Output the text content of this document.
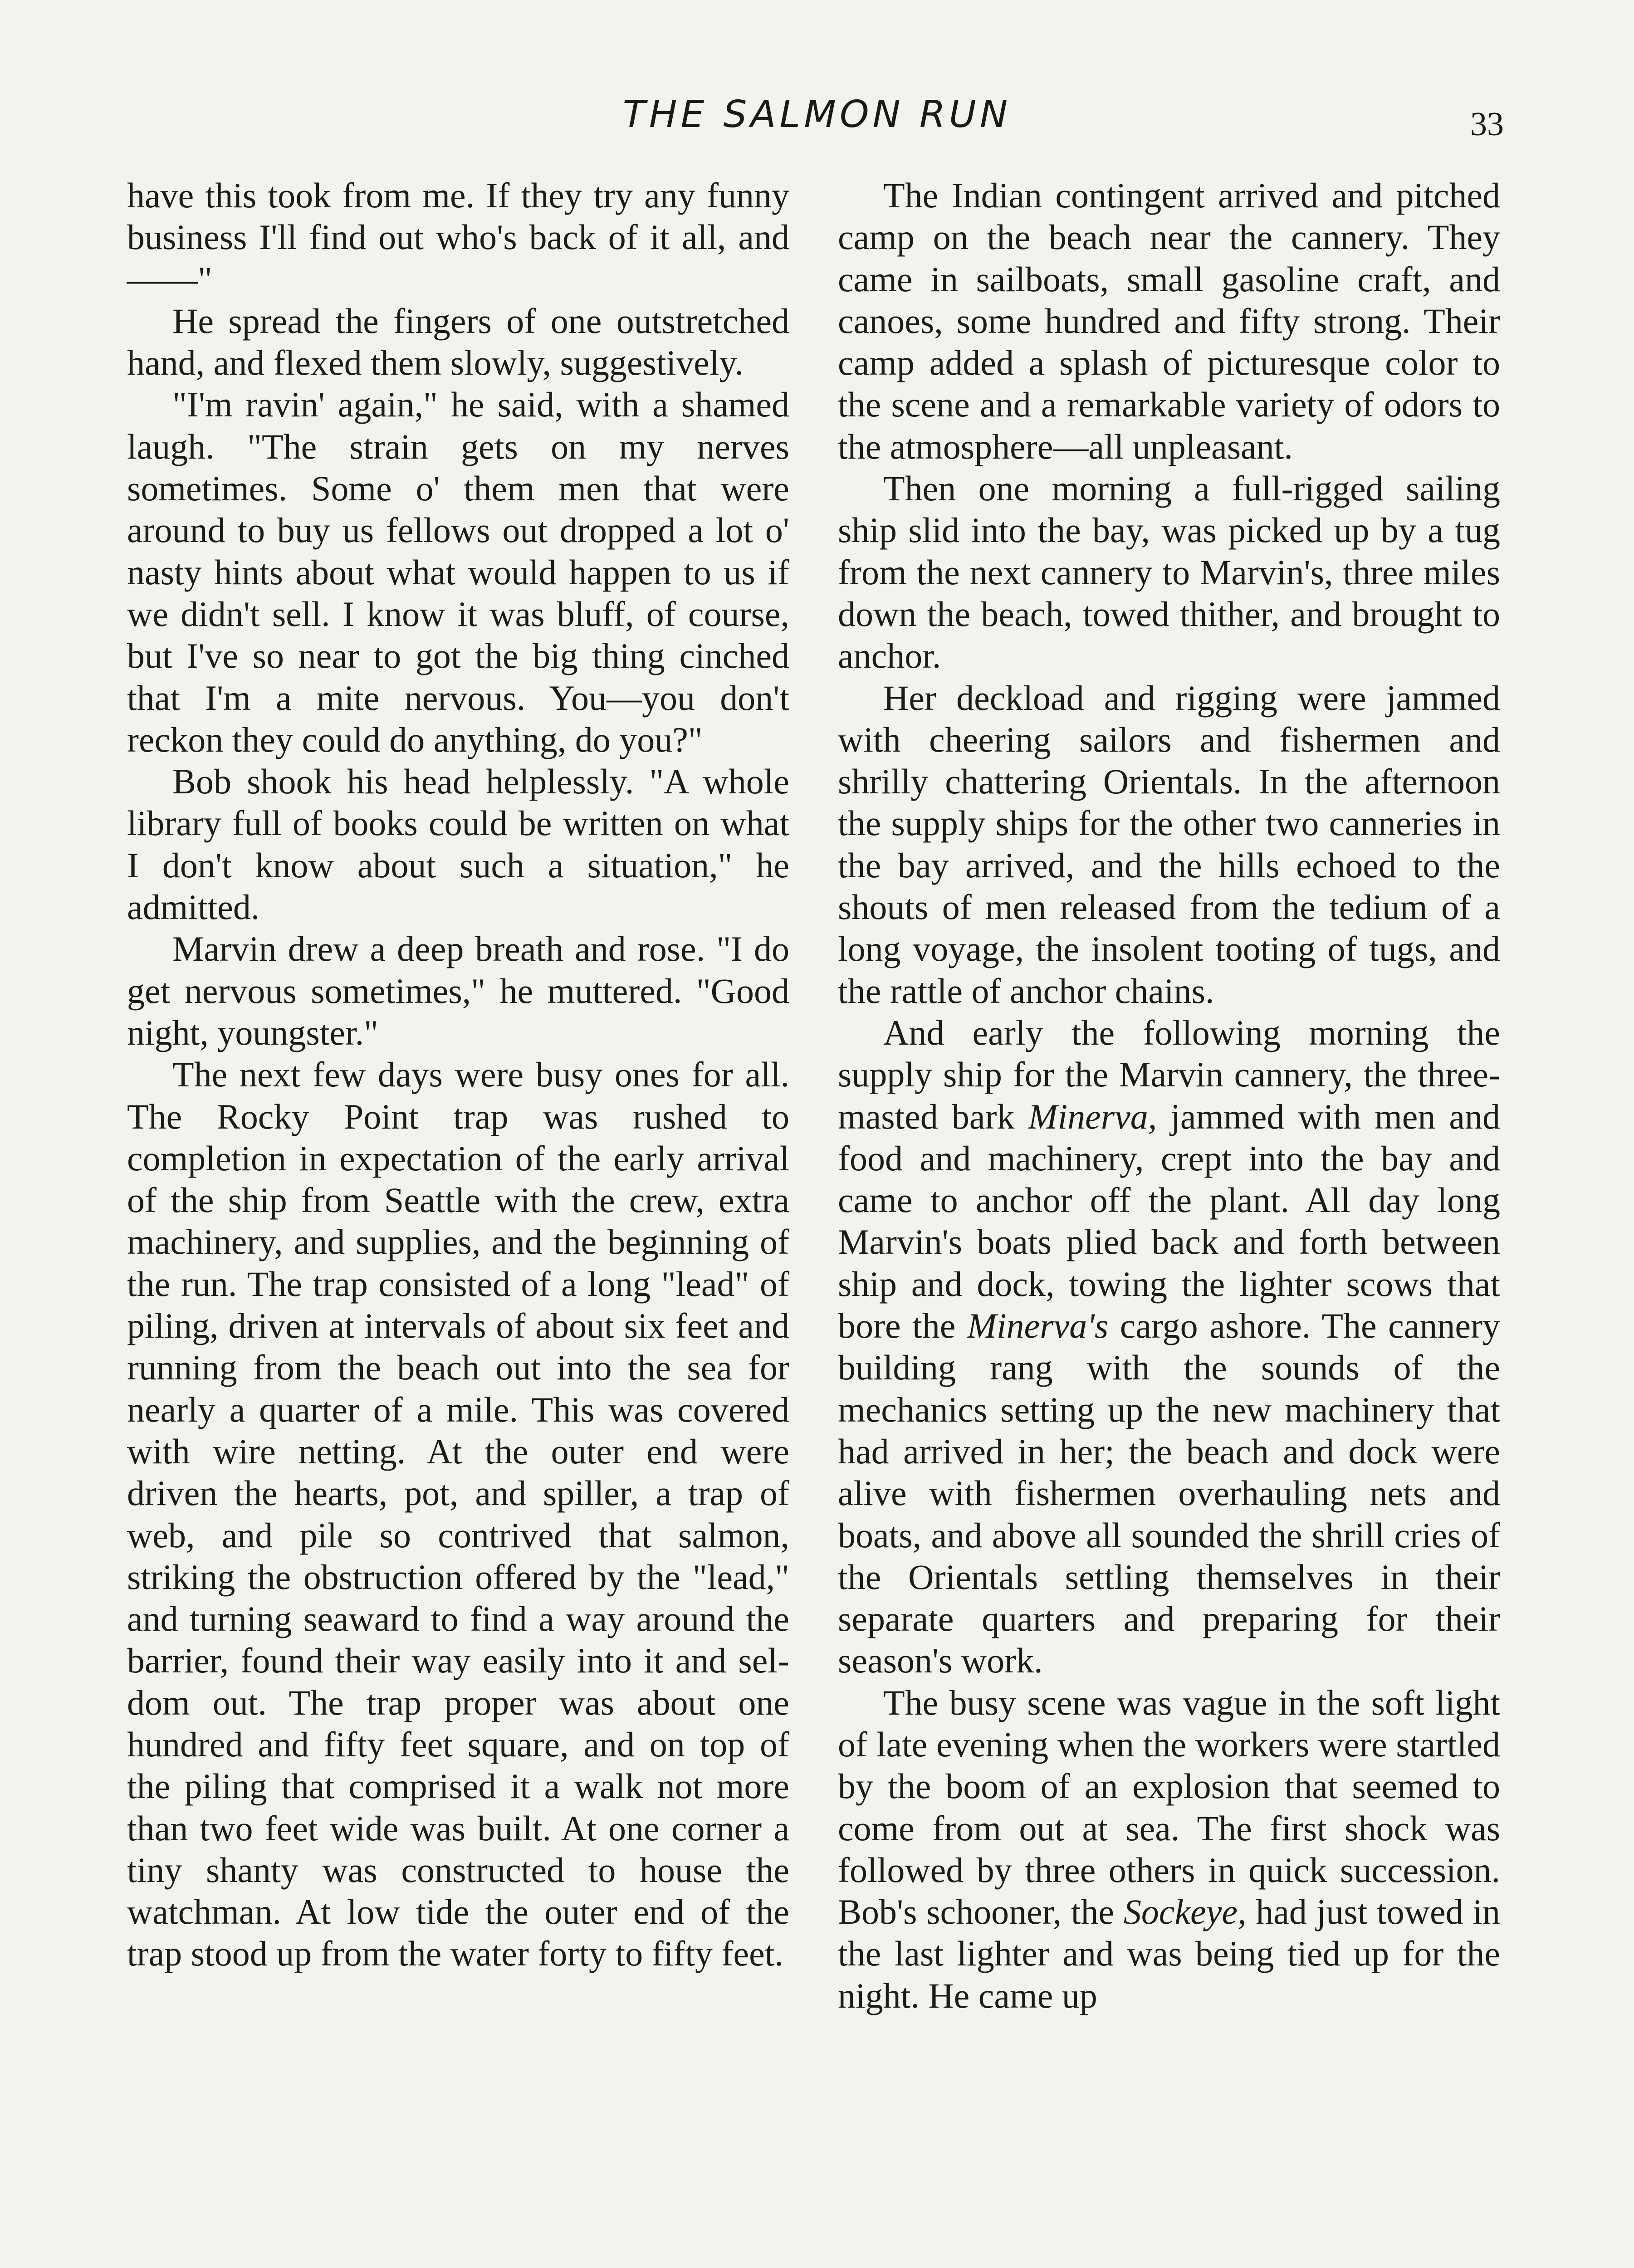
THE SALMON RUN	33

have this took from me. If they try any funny business I'll find out who's back of it all, and——"

He spread the fingers of one outstretched hand, and flexed them slowly, suggestively.

"I'm ravin' again," he said, with a shamed laugh. "The strain gets on my nerves sometimes. Some o' them men that were around to buy us fellows out dropped a lot o' nasty hints about what would happen to us if we didn't sell. I know it was bluff, of course, but I've so near to got the big thing cinched that I'm a mite nervous. You—you don't reckon they could do anything, do you?"

Bob shook his head helplessly. "A whole library full of books could be written on what I don't know about such a situation," he admitted.

Marvin drew a deep breath and rose. "I do get nervous sometimes," he muttered. "Good night, youngster."

The next few days were busy ones for all. The Rocky Point trap was rushed to completion in expectation of the early arrival of the ship from Seattle with the crew, extra machinery, and supplies, and the beginning of the run. The trap consisted of a long "lead" of piling, driven at intervals of about six feet and running from the beach out into the sea for nearly a quarter of a mile. This was covered with wire netting. At the outer end were driven the hearts, pot, and spiller, a trap of web, and pile so contrived that salmon, striking the obstruction offered by the "lead," and turning seaward to find a way around the barrier, found their way easily into it and seldom out. The trap proper was about one hundred and fifty feet square, and on top of the piling that comprised it a walk not more than two feet wide was built. At one corner a tiny shanty was constructed to house the watchman. At low tide the outer end of the trap stood up from the water forty to fifty feet.

The Indian contingent arrived and pitched camp on the beach near the cannery. They came in sailboats, small gasoline craft, and canoes, some hundred and fifty strong. Their camp added a splash of picturesque color to the scene and a remarkable variety of odors to the atmosphere—all unpleasant.

Then one morning a full-rigged sailing ship slid into the bay, was picked up by a tug from the next cannery to Marvin's, three miles down the beach, towed thither, and brought to anchor.

Her deckload and rigging were jammed with cheering sailors and fishermen and shrilly chattering Orientals. In the afternoon the supply ships for the other two canneries in the bay arrived, and the hills echoed to the shouts of men released from the tedium of a long voyage, the insolent tooting of tugs, and the rattle of anchor chains.

And early the following morning the supply ship for the Marvin cannery, the three-masted bark Minerva, jammed with men and food and machinery, crept into the bay and came to anchor off the plant. All day long Marvin's boats plied back and forth between ship and dock, towing the lighter scows that bore the Minerva's cargo ashore. The cannery building rang with the sounds of the mechanics setting up the new machinery that had arrived in her; the beach and dock were alive with fishermen overhauling nets and boats, and above all sounded the shrill cries of the Orientals settling themselves in their separate quarters and preparing for their season's work.

The busy scene was vague in the soft light of late evening when the workers were startled by the boom of an explosion that seemed to come from out at sea. The first shock was followed by three others in quick succession. Bob's schooner, the Sockeye, had just towed in the last lighter and was being tied up for the night. He came up
